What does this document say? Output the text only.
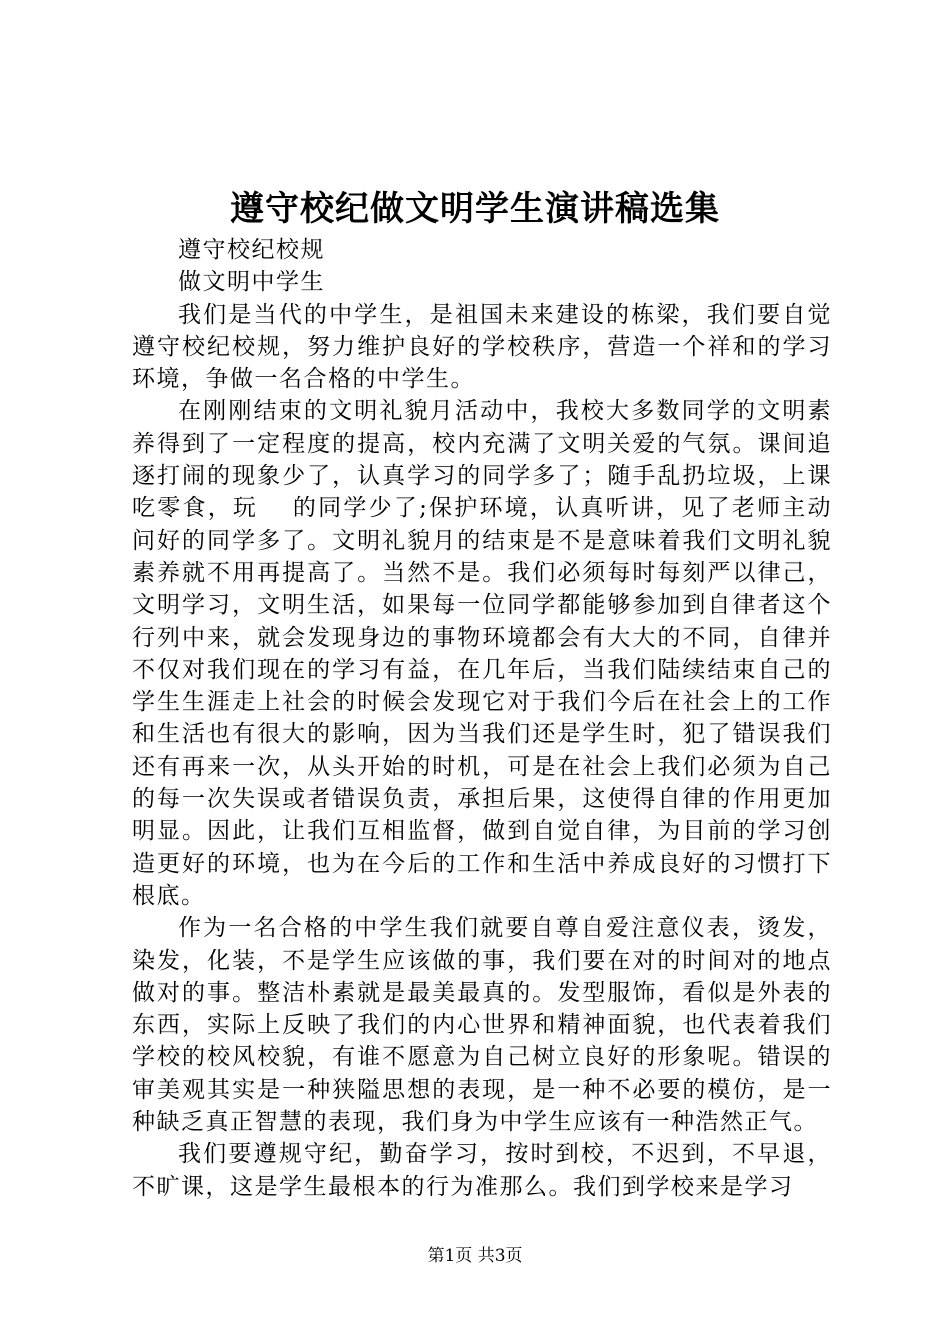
遵守校纪做文明学生演讲稿选集

遵守校纪校规

做文明中学生

我们是当代的中学生，是祖国未来建设的栋梁，我们要自觉遵守校纪校规，努力维护良好的学校秩序，营造一个祥和的学习环境，争做一名合格的中学生。

在刚刚结束的文明礼貌月活动中，我校大多数同学的文明素养得到了一定程度的提高，校内充满了文明关爱的气氛。课间追逐打闹的现象少了，认真学习的同学多了；随手乱扔垃圾，上课吃零食，玩　 的同学少了;保护环境，认真听讲，见了老师主动问好的同学多了。文明礼貌月的结束是不是意味着我们文明礼貌素养就不用再提高了。当然不是。我们必须每时每刻严以律己，文明学习，文明生活，如果每一位同学都能够参加到自律者这个行列中来，就会发现身边的事物环境都会有大大的不同，自律并不仅对我们现在的学习有益，在几年后，当我们陆续结束自己的学生生涯走上社会的时候会发现它对于我们今后在社会上的工作和生活也有很大的影响，因为当我们还是学生时，犯了错误我们还有再来一次，从头开始的时机，可是在社会上我们必须为自己的每一次失误或者错误负责，承担后果，这使得自律的作用更加明显。因此，让我们互相监督，做到自觉自律，为目前的学习创造更好的环境，也为在今后的工作和生活中养成良好的习惯打下根底。

作为一名合格的中学生我们就要自尊自爱注意仪表，烫发，染发，化装，不是学生应该做的事，我们要在对的时间对的地点做对的事。整洁朴素就是最美最真的。发型服饰，看似是外表的东西，实际上反映了我们的内心世界和精神面貌，也代表着我们学校的校风校貌，有谁不愿意为自己树立良好的形象呢。错误的审美观其实是一种狭隘思想的表现，是一种不必要的模仿，是一种缺乏真正智慧的表现，我们身为中学生应该有一种浩然正气。

我们要遵规守纪，勤奋学习，按时到校，不迟到，不早退，不旷课，这是学生最根本的行为准那么。我们到学校来是学习

第1页 共3页
